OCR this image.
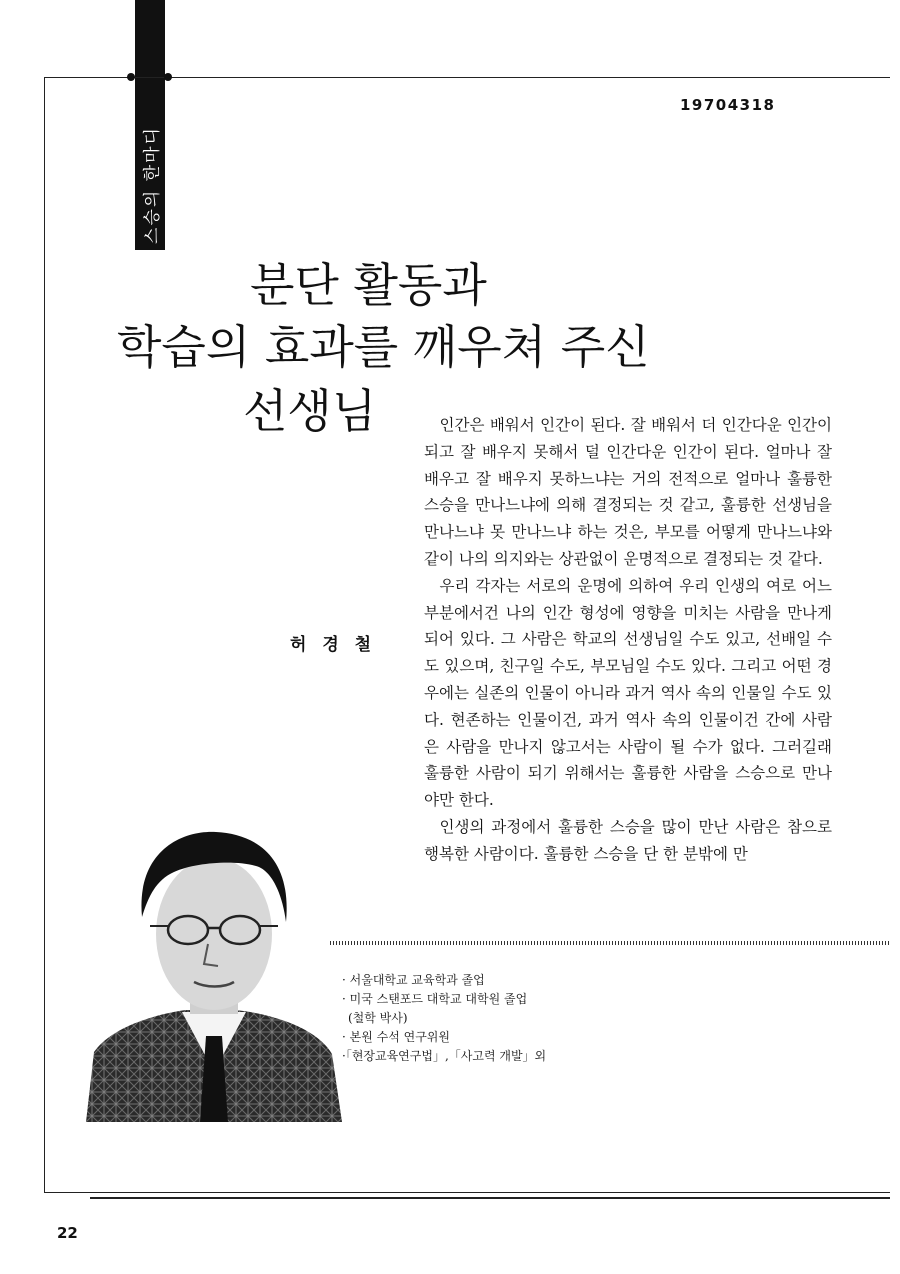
스승의 한마디
19704318
분단 활동과
학습의 효과를 깨우쳐 주신
선생님
허 경 철

인간은 배워서 인간이 된다. 잘 배워서 더 인간다운 인간이 되고 잘 배우지 못해서 덜 인간다운 인간이 된다. 얼마나 잘 배우고 잘 배우지 못하느냐는 거의 전적으로 얼마나 훌륭한 스승을 만나느냐에 의해 결정되는 것 같고, 훌륭한 선생님을 만나느냐 못 만나느냐 하는 것은, 부모를 어떻게 만나느냐와 같이 나의 의지와는 상관없이 운명적으로 결정되는 것 같다.

우리 각자는 서로의 운명에 의하여 우리 인생의 여로 어느 부분에서건 나의 인간 형성에 영향을 미치는 사람을 만나게 되어 있다. 그 사람은 학교의 선생님일 수도 있고, 선배일 수도 있으며, 친구일 수도, 부모님일 수도 있다. 그리고 어떤 경우에는 실존의 인물이 아니라 과거 역사 속의 인물일 수도 있다. 현존하는 인물이건, 과거 역사 속의 인물이건 간에 사람은 사람을 만나지 않고서는 사람이 될 수가 없다. 그러길래 훌륭한 사람이 되기 위해서는 훌륭한 사람을 스승으로 만나야만 한다.

인생의 과정에서 훌륭한 스승을 많이 만난 사람은 참으로 행복한 사람이다. 훌륭한 스승을 단 한 분밖에 만

· 서울대학교 교육학과 졸업
· 미국 스탠포드 대학교 대학원 졸업
(철학 박사)
· 본원 수석 연구위원
·「현장교육연구법」,「사고력 개발」외
22
